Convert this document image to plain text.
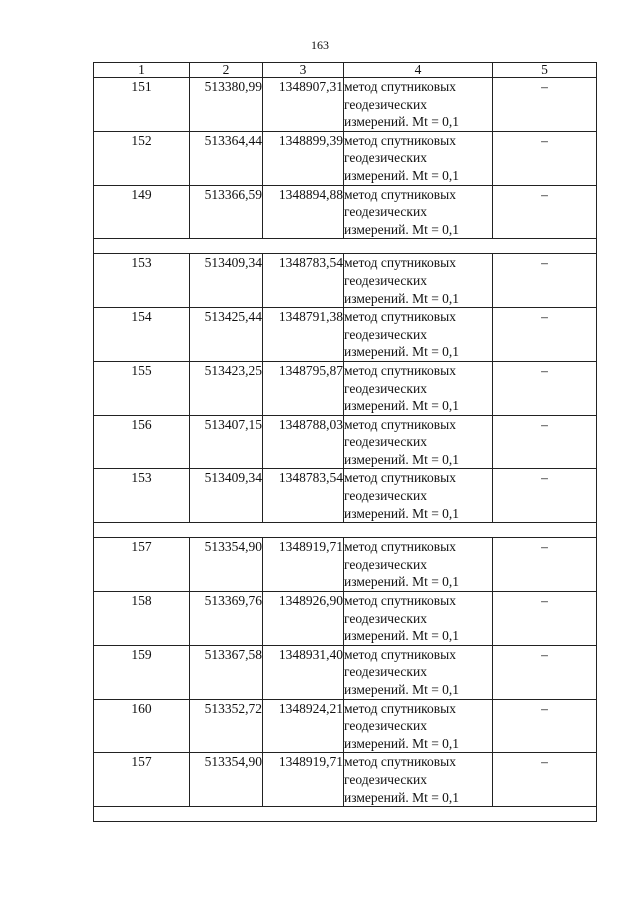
163
1	2	3	4	5
151	513380,99	1348907,31	метод спутниковых
геодезических
измерений. Mt = 0,1	–
152	513364,44	1348899,39	метод спутниковых
геодезических
измерений. Mt = 0,1	–
149	513366,59	1348894,88	метод спутниковых
геодезических
измерений. Mt = 0,1	–

153	513409,34	1348783,54	метод спутниковых
геодезических
измерений. Mt = 0,1	–
154	513425,44	1348791,38	метод спутниковых
геодезических
измерений. Mt = 0,1	–
155	513423,25	1348795,87	метод спутниковых
геодезических
измерений. Mt = 0,1	–
156	513407,15	1348788,03	метод спутниковых
геодезических
измерений. Mt = 0,1	–
153	513409,34	1348783,54	метод спутниковых
геодезических
измерений. Mt = 0,1	–

157	513354,90	1348919,71	метод спутниковых
геодезических
измерений. Mt = 0,1	–
158	513369,76	1348926,90	метод спутниковых
геодезических
измерений. Mt = 0,1	–
159	513367,58	1348931,40	метод спутниковых
геодезических
измерений. Mt = 0,1	–
160	513352,72	1348924,21	метод спутниковых
геодезических
измерений. Mt = 0,1	–
157	513354,90	1348919,71	метод спутниковых
геодезических
измерений. Mt = 0,1	–
